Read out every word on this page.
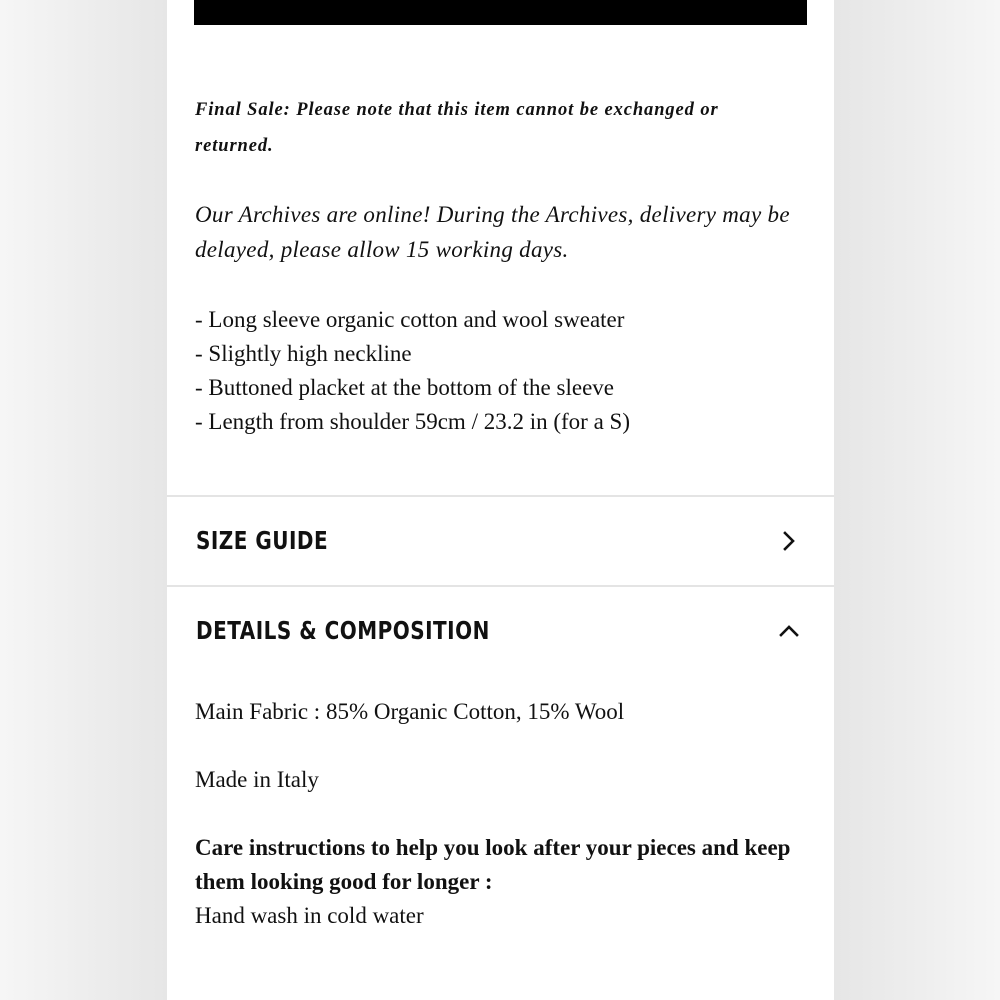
Final Sale: Please note that this item cannot be exchanged or returned.

Our Archives are online! During the Archives, delivery may be delayed, please allow 15 working days.

- Long sleeve organic cotton and wool sweater
- Slightly high neckline
- Buttoned placket at the bottom of the sleeve
- Length from shoulder 59cm / 23.2 in (for a S)
SIZE GUIDE
DETAILS & COMPOSITION

Main Fabric : 85% Organic Cotton, 15% Wool

Made in Italy

Care instructions to help you look after your pieces and keep them looking good for longer :
Hand wash in cold water
